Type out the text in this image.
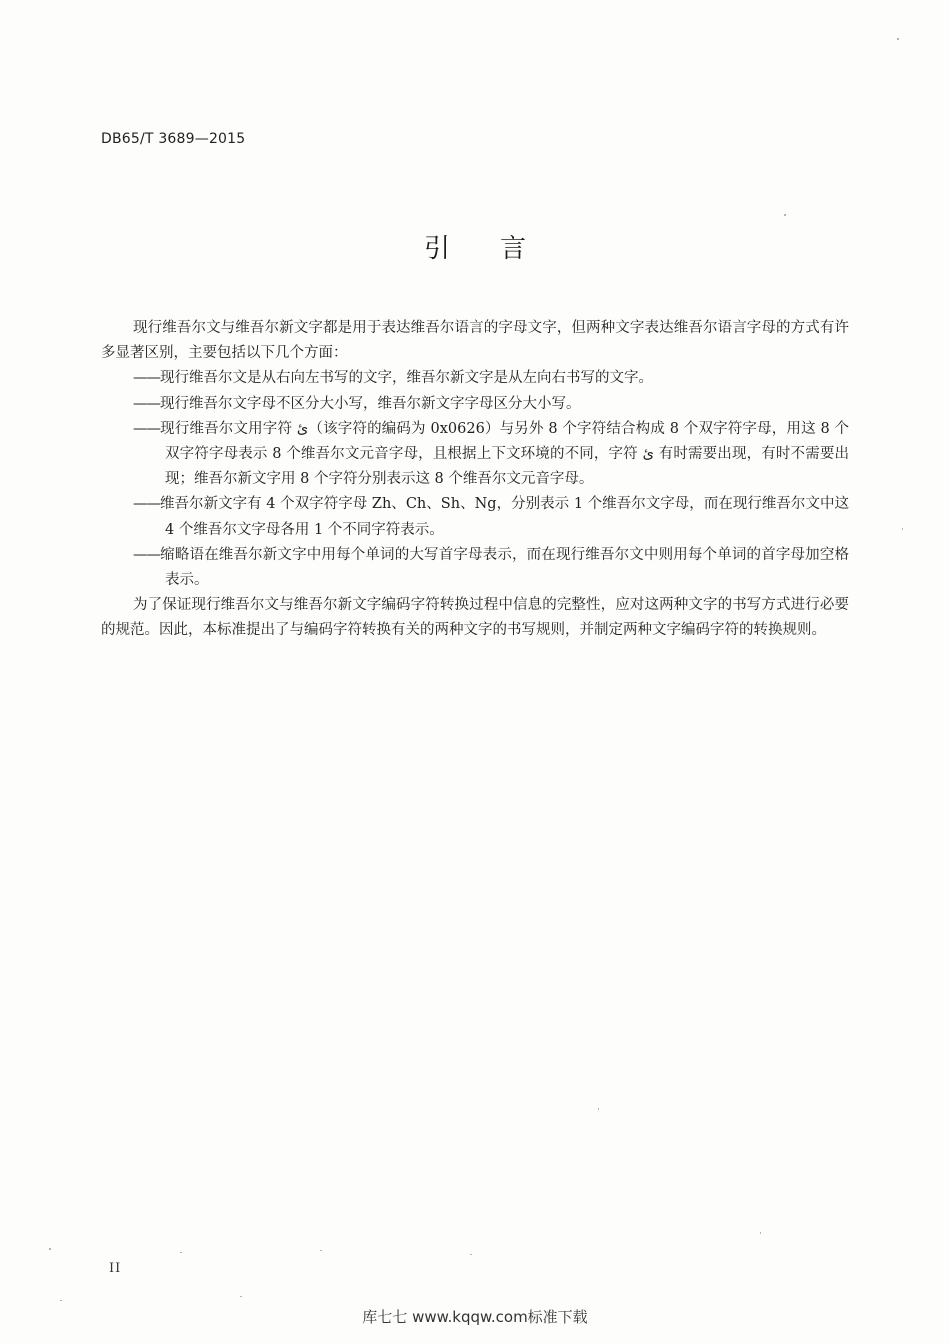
DB65/T 3689—2015
引言

现行维吾尔文与维吾尔新文字都是用于表达维吾尔语言的字母文字，但两种文字表达维吾尔语言字母的方式有许多显著区别，主要包括以下几个方面：

——现行维吾尔文是从右向左书写的文字，维吾尔新文字是从左向右书写的文字。

——现行维吾尔文字母不区分大小写，维吾尔新文字字母区分大小写。

——现行维吾尔文用字符 ئ（该字符的编码为 0x0626）与另外 8 个字符结合构成 8 个双字符字母，用这 8 个双字符字母表示 8 个维吾尔文元音字母，且根据上下文环境的不同，字符 ئ 有时需要出现，有时不需要出现；维吾尔新文字用 8 个字符分别表示这 8 个维吾尔文元音字母。

——维吾尔新文字有 4 个双字符字母 Zh、Ch、Sh、Ng，分别表示 1 个维吾尔文字母，而在现行维吾尔文中这 4 个维吾尔文字母各用 1 个不同字符表示。

——缩略语在维吾尔新文字中用每个单词的大写首字母表示，而在现行维吾尔文中则用每个单词的首字母加空格表示。

为了保证现行维吾尔文与维吾尔新文字编码字符转换过程中信息的完整性，应对这两种文字的书写方式进行必要的规范。因此，本标准提出了与编码字符转换有关的两种文字的书写规则，并制定两种文字编码字符的转换规则。

II
库七七 www.kqqw.com标准下载
